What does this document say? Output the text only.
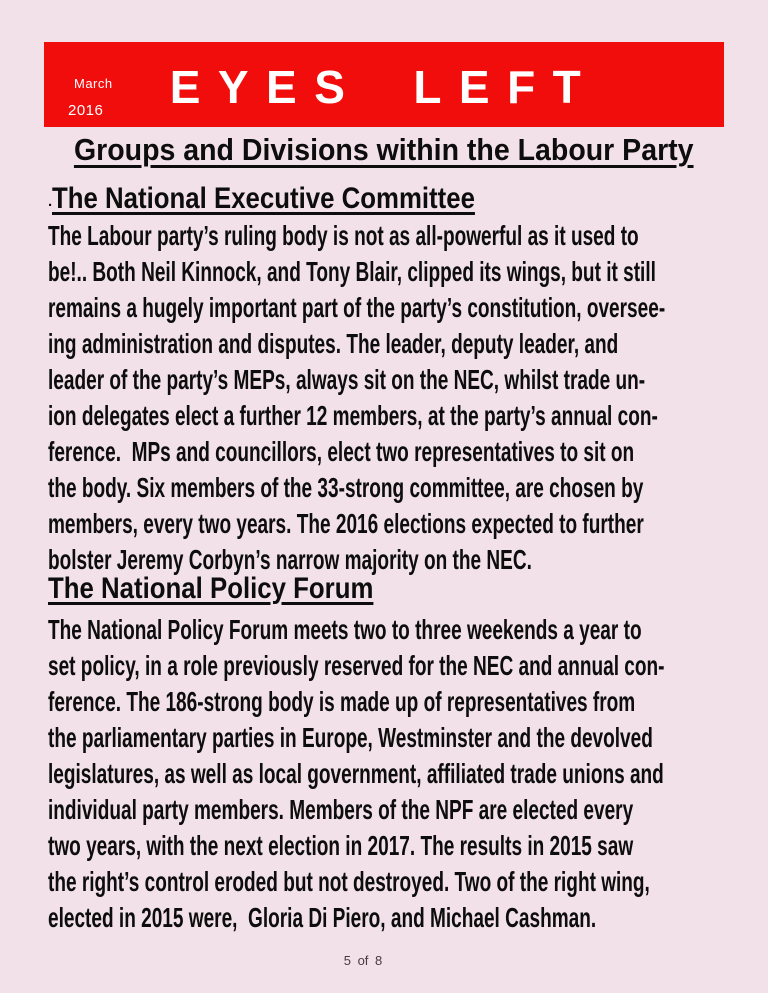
March
2016	EYES LEFT
Groups and Divisions within the Labour Party
.The National Executive Committee
The Labour party’s ruling body is not as all-powerful as it used to
be!.. Both Neil Kinnock, and Tony Blair, clipped its wings, but it still
remains a hugely important part of the party’s constitution, oversee-
ing administration and disputes. The leader, deputy leader, and
leader of the party’s MEPs, always sit on the NEC, whilst trade un-
ion delegates elect a further 12 members, at the party’s annual con-
ference.  MPs and councillors, elect two representatives to sit on
the body. Six members of the 33-strong committee, are chosen by
members, every two years. The 2016 elections expected to further
bolster Jeremy Corbyn’s narrow majority on the NEC.
The National Policy Forum
The National Policy Forum meets two to three weekends a year to
set policy, in a role previously reserved for the NEC and annual con-
ference. The 186-strong body is made up of representatives from
the parliamentary parties in Europe, Westminster and the devolved
legislatures, as well as local government, affiliated trade unions and
individual party members. Members of the NPF are elected every
two years, with the next election in 2017. The results in 2015 saw
the right’s control eroded but not destroyed. Two of the right wing,
elected in 2015 were,  Gloria Di Piero, and Michael Cashman.
5 of 8
